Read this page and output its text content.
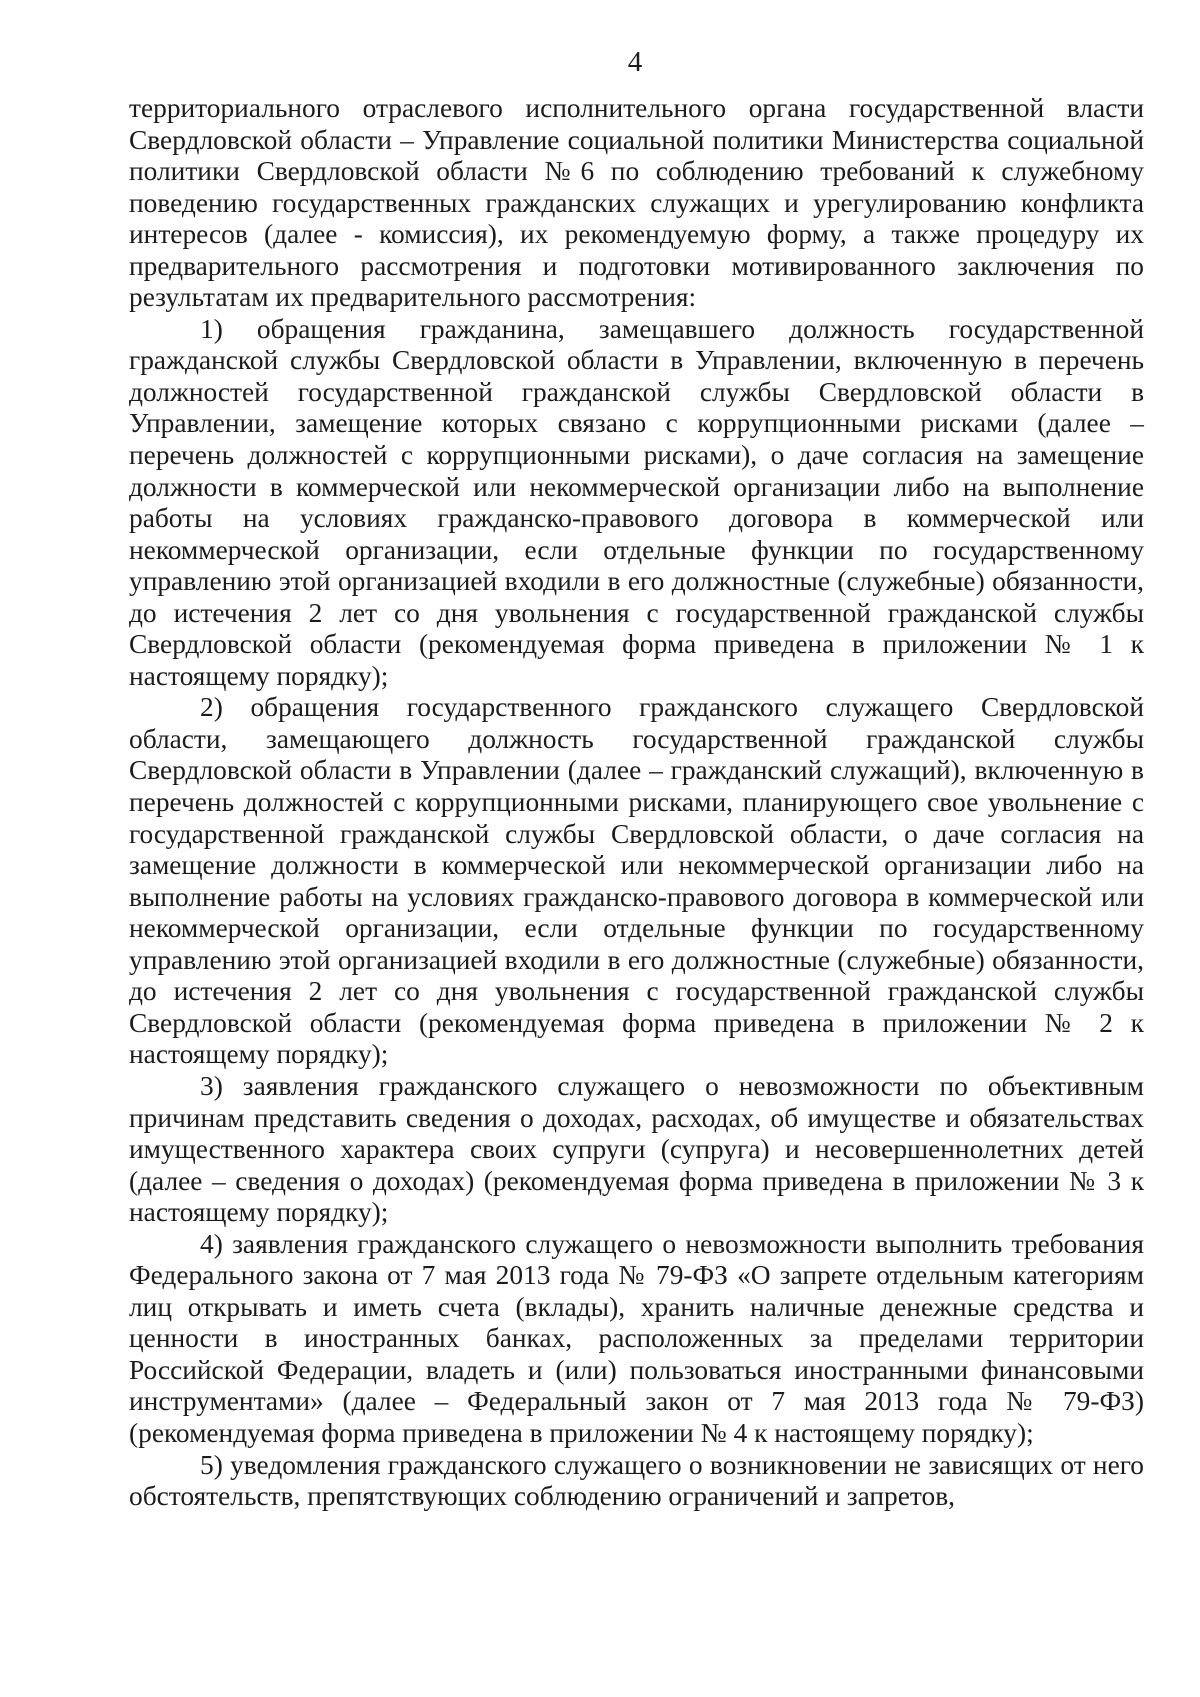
4

территориального отраслевого исполнительного органа государственной власти Свердловской области – Управление социальной политики Министерства социальной политики Свердловской области №6 по соблюдению требований к служебному поведению государственных гражданских служащих и урегулированию конфликта интересов (далее - комиссия), их рекомендуемую форму, а также процедуру их предварительного рассмотрения и подготовки мотивированного заключения по результатам их предварительного рассмотрения:

1) обращения гражданина, замещавшего должность государственной гражданской службы Свердловской области в Управлении, включенную в перечень должностей государственной гражданской службы Свердловской области в Управлении, замещение которых связано с коррупционными рисками (далее – перечень должностей с коррупционными рисками), о даче согласия на замещение должности в коммерческой или некоммерческой организации либо на выполнение работы на условиях гражданско-правового договора в коммерческой или некоммерческой организации, если отдельные функции по государственному управлению этой организацией входили в его должностные (служебные) обязанности, до истечения 2 лет со дня увольнения с государственной гражданской службы Свердловской области (рекомендуемая форма приведена в приложении № 1 к настоящему порядку);

2) обращения государственного гражданского служащего Свердловской области, замещающего должность государственной гражданской службы Свердловской области в Управлении (далее – гражданский служащий), включенную в перечень должностей с коррупционными рисками, планирующего свое увольнение с государственной гражданской службы Свердловской области, о даче согласия на замещение должности в коммерческой или некоммерческой организации либо на выполнение работы на условиях гражданско-правового договора в коммерческой или некоммерческой организации, если отдельные функции по государственному управлению этой организацией входили в его должностные (служебные) обязанности, до истечения 2 лет со дня увольнения с государственной гражданской службы Свердловской области (рекомендуемая форма приведена в приложении № 2 к настоящему порядку);

3) заявления гражданского служащего о невозможности по объективным причинам представить сведения о доходах, расходах, об имуществе и обязательствах имущественного характера своих супруги (супруга) и несовершеннолетних детей (далее – сведения о доходах) (рекомендуемая форма приведена в приложении № 3 к настоящему порядку);

4) заявления гражданского служащего о невозможности выполнить требования Федерального закона от 7 мая 2013 года № 79-ФЗ «О запрете отдельным категориям лиц открывать и иметь счета (вклады), хранить наличные денежные средства и ценности в иностранных банках, расположенных за пределами территории Российской Федерации, владеть и (или) пользоваться иностранными финансовыми инструментами» (далее – Федеральный закон от 7 мая 2013 года № 79-ФЗ) (рекомендуемая форма приведена в приложении № 4 к настоящему порядку);

5) уведомления гражданского служащего о возникновении не зависящих от него обстоятельств, препятствующих соблюдению ограничений и запретов,
